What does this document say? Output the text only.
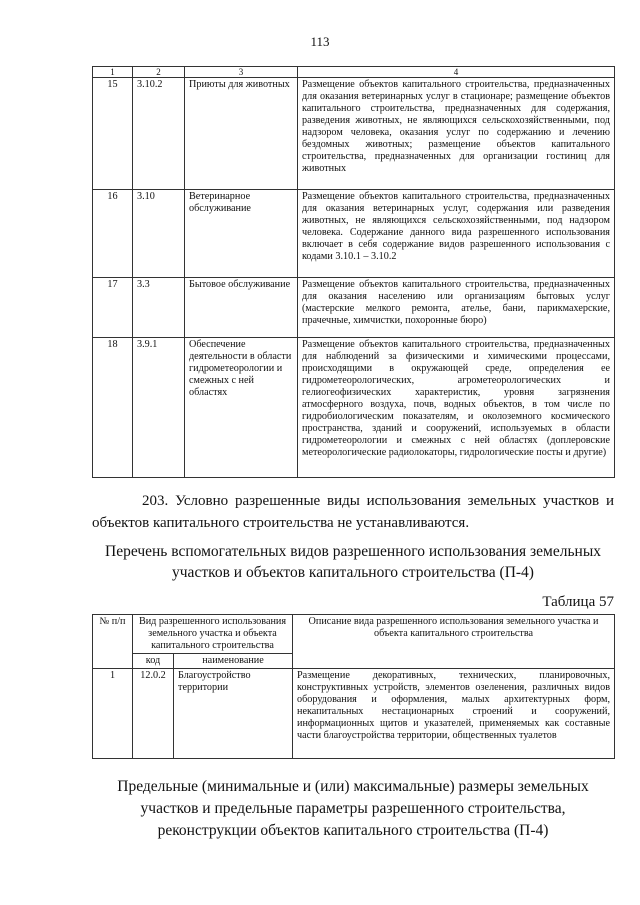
113
1	2	3	4
15	3.10.2	Приюты для животных	Размещение объектов капитального строительства, предназначенных для оказания ветеринарных услуг в стационаре; размещение объектов капитального строительства, предназначенных для содержания, разведения животных, не являющихся сельскохозяйственными, под надзором человека, оказания услуг по содержанию и лечению бездомных животных; размещение объектов капитального строительства, предназначенных для организации гостиниц для животных
16	3.10	Ветеринарное обслуживание	Размещение объектов капитального строительства, предназначенных для оказания ветеринарных услуг, содержания или разведения животных, не являющихся сельскохозяйственными, под надзором человека. Содержание данного вида разрешенного использования включает в себя содержание видов разрешенного использования с кодами 3.10.1 – 3.10.2
17	3.3	Бытовое обслуживание	Размещение объектов капитального строительства, предназначенных для оказания населению или организациям бытовых услуг (мастерские мелкого ремонта, ателье, бани, парикмахерские, прачечные, химчистки, похоронные бюро)
18	3.9.1	Обеспечение деятельности в области гидрометеорологии и смежных с ней областях	Размещение объектов капитального строительства, предназначенных для наблюдений за физическими и химическими процессами, происходящими в окружающей среде, определения ее гидрометеорологических, агрометеорологических и гелиогеофизических характеристик, уровня загрязнения атмосферного воздуха, почв, водных объектов, в том числе по гидробиологическим показателям, и околоземного космического пространства, зданий и сооружений, используемых в области гидрометеорологии и смежных с ней областях (доплеровские метеорологические радиолокаторы, гидрологические посты и другие)
203. Условно разрешенные виды использования земельных участков и объектов капитального строительства не устанавливаются.
Перечень вспомогательных видов разрешенного использования земельных участков и объектов капитального строительства (П-4)
Таблица 57
№ п/п	Вид разрешенного использования земельного участка и объекта капитального строительства		Описание вида разрешенного использования земельного участка и объекта капитального строительства
	код	наименование	
1	12.0.2	Благоустройство территории	Размещение декоративных, технических, планировочных, конструктивных устройств, элементов озеленения, различных видов оборудования и оформления, малых архитектурных форм, некапитальных нестационарных строений и сооружений, информационных щитов и указателей, применяемых как составные части благоустройства территории, общественных туалетов
Предельные (минимальные и (или) максимальные) размеры земельных участков и предельные параметры разрешенного строительства, реконструкции объектов капитального строительства (П-4)
